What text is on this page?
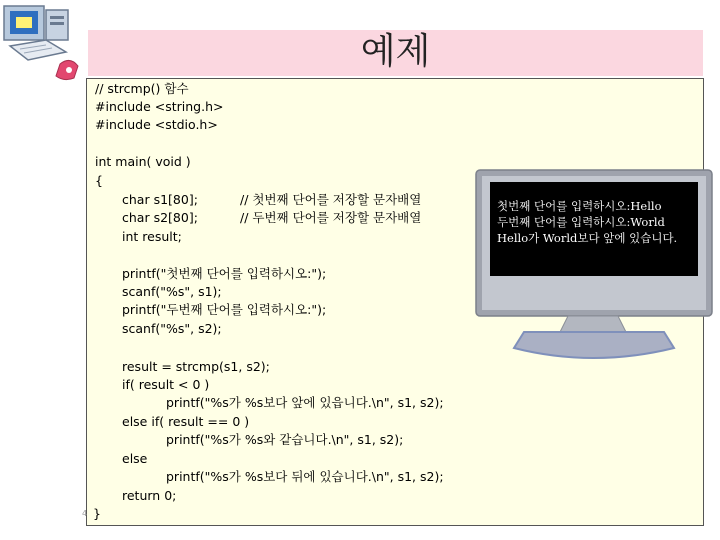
예제
4
// strcmp() 함수
#include <string.h>
#include <stdio.h>
int main( void )
{
char s1[80];	// 첫번째 단어를 저장할 문자배열
char s2[80];	// 두번째 단어를 저장할 문자배열
int result;
printf("첫번째 단어를 입력하시오:");
scanf("%s", s1);
printf("두번째 단어를 입력하시오:");
scanf("%s", s2);
result = strcmp(s1, s2);
if( result < 0 )
printf("%s가 %s보다 앞에 있읍니다.\n", s1, s2);
else if( result == 0 )
printf("%s가 %s와 같습니다.\n", s1, s2);
else
printf("%s가 %s보다 뒤에 있습니다.\n", s1, s2);
return 0;
}
첫번째 단어를 입력하시오:Hello
두번째 단어를 입력하시오:World
Hello가 World보다 앞에 있습니다.
